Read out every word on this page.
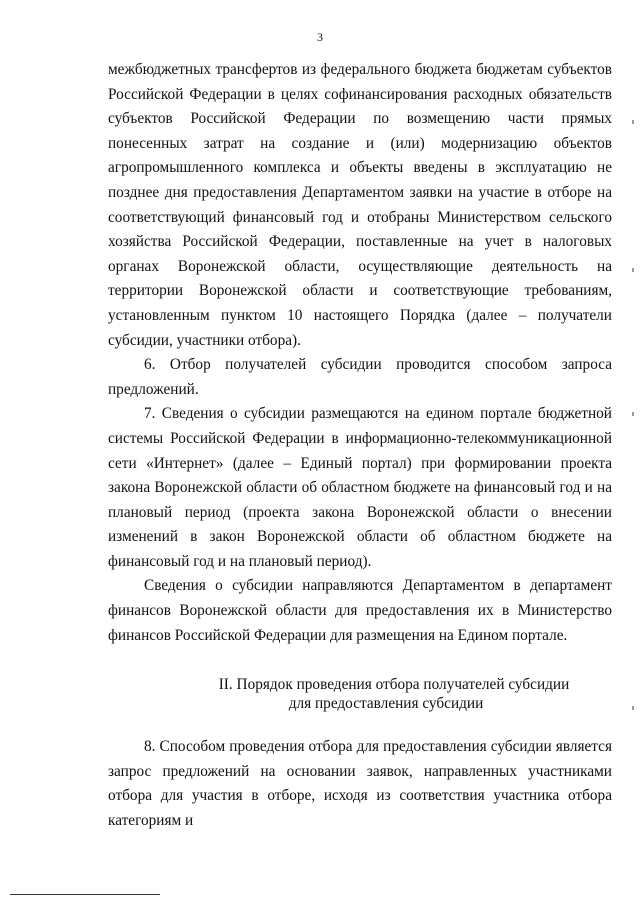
3

межбюджетных трансфертов из федерального бюджета бюджетам субъектов Российской Федерации в целях софинансирования расходных обязательств субъектов Российской Федерации по возмещению части прямых понесенных затрат на создание и (или) модернизацию объектов агропромышленного комплекса и объекты введены в эксплуатацию не позднее дня предоставления Департаментом заявки на участие в отборе на соответствующий финансовый год и отобраны Министерством сельского хозяйства Российской Федерации, поставленные на учет в налоговых органах Воронежской области, осуществляющие деятельность на территории Воронежской области и соответствующие требованиям, установленным пунктом 10 настоящего Порядка (далее – получатели субсидии, участники отбора).

6. Отбор получателей субсидии проводится способом запроса предложений.

7. Сведения о субсидии размещаются на едином портале бюджетной системы Российской Федерации в информационно-телекоммуникационной сети «Интернет» (далее – Единый портал) при формировании проекта закона Воронежской области об областном бюджете на финансовый год и на плановый период (проекта закона Воронежской области о внесении изменений в закон Воронежской области об областном бюджете на финансовый год и на плановый период).

Сведения о субсидии направляются Департаментом в департамент финансов Воронежской области для предоставления их в Министерство финансов Российской Федерации для размещения на Едином портале.

II. Порядок проведения отбора получателей субсидии
для предоставления субсидии

8. Способом проведения отбора для предоставления субсидии является запрос предложений на основании заявок, направленных участниками отбора для участия в отборе, исходя из соответствия участника отбора категориям и
